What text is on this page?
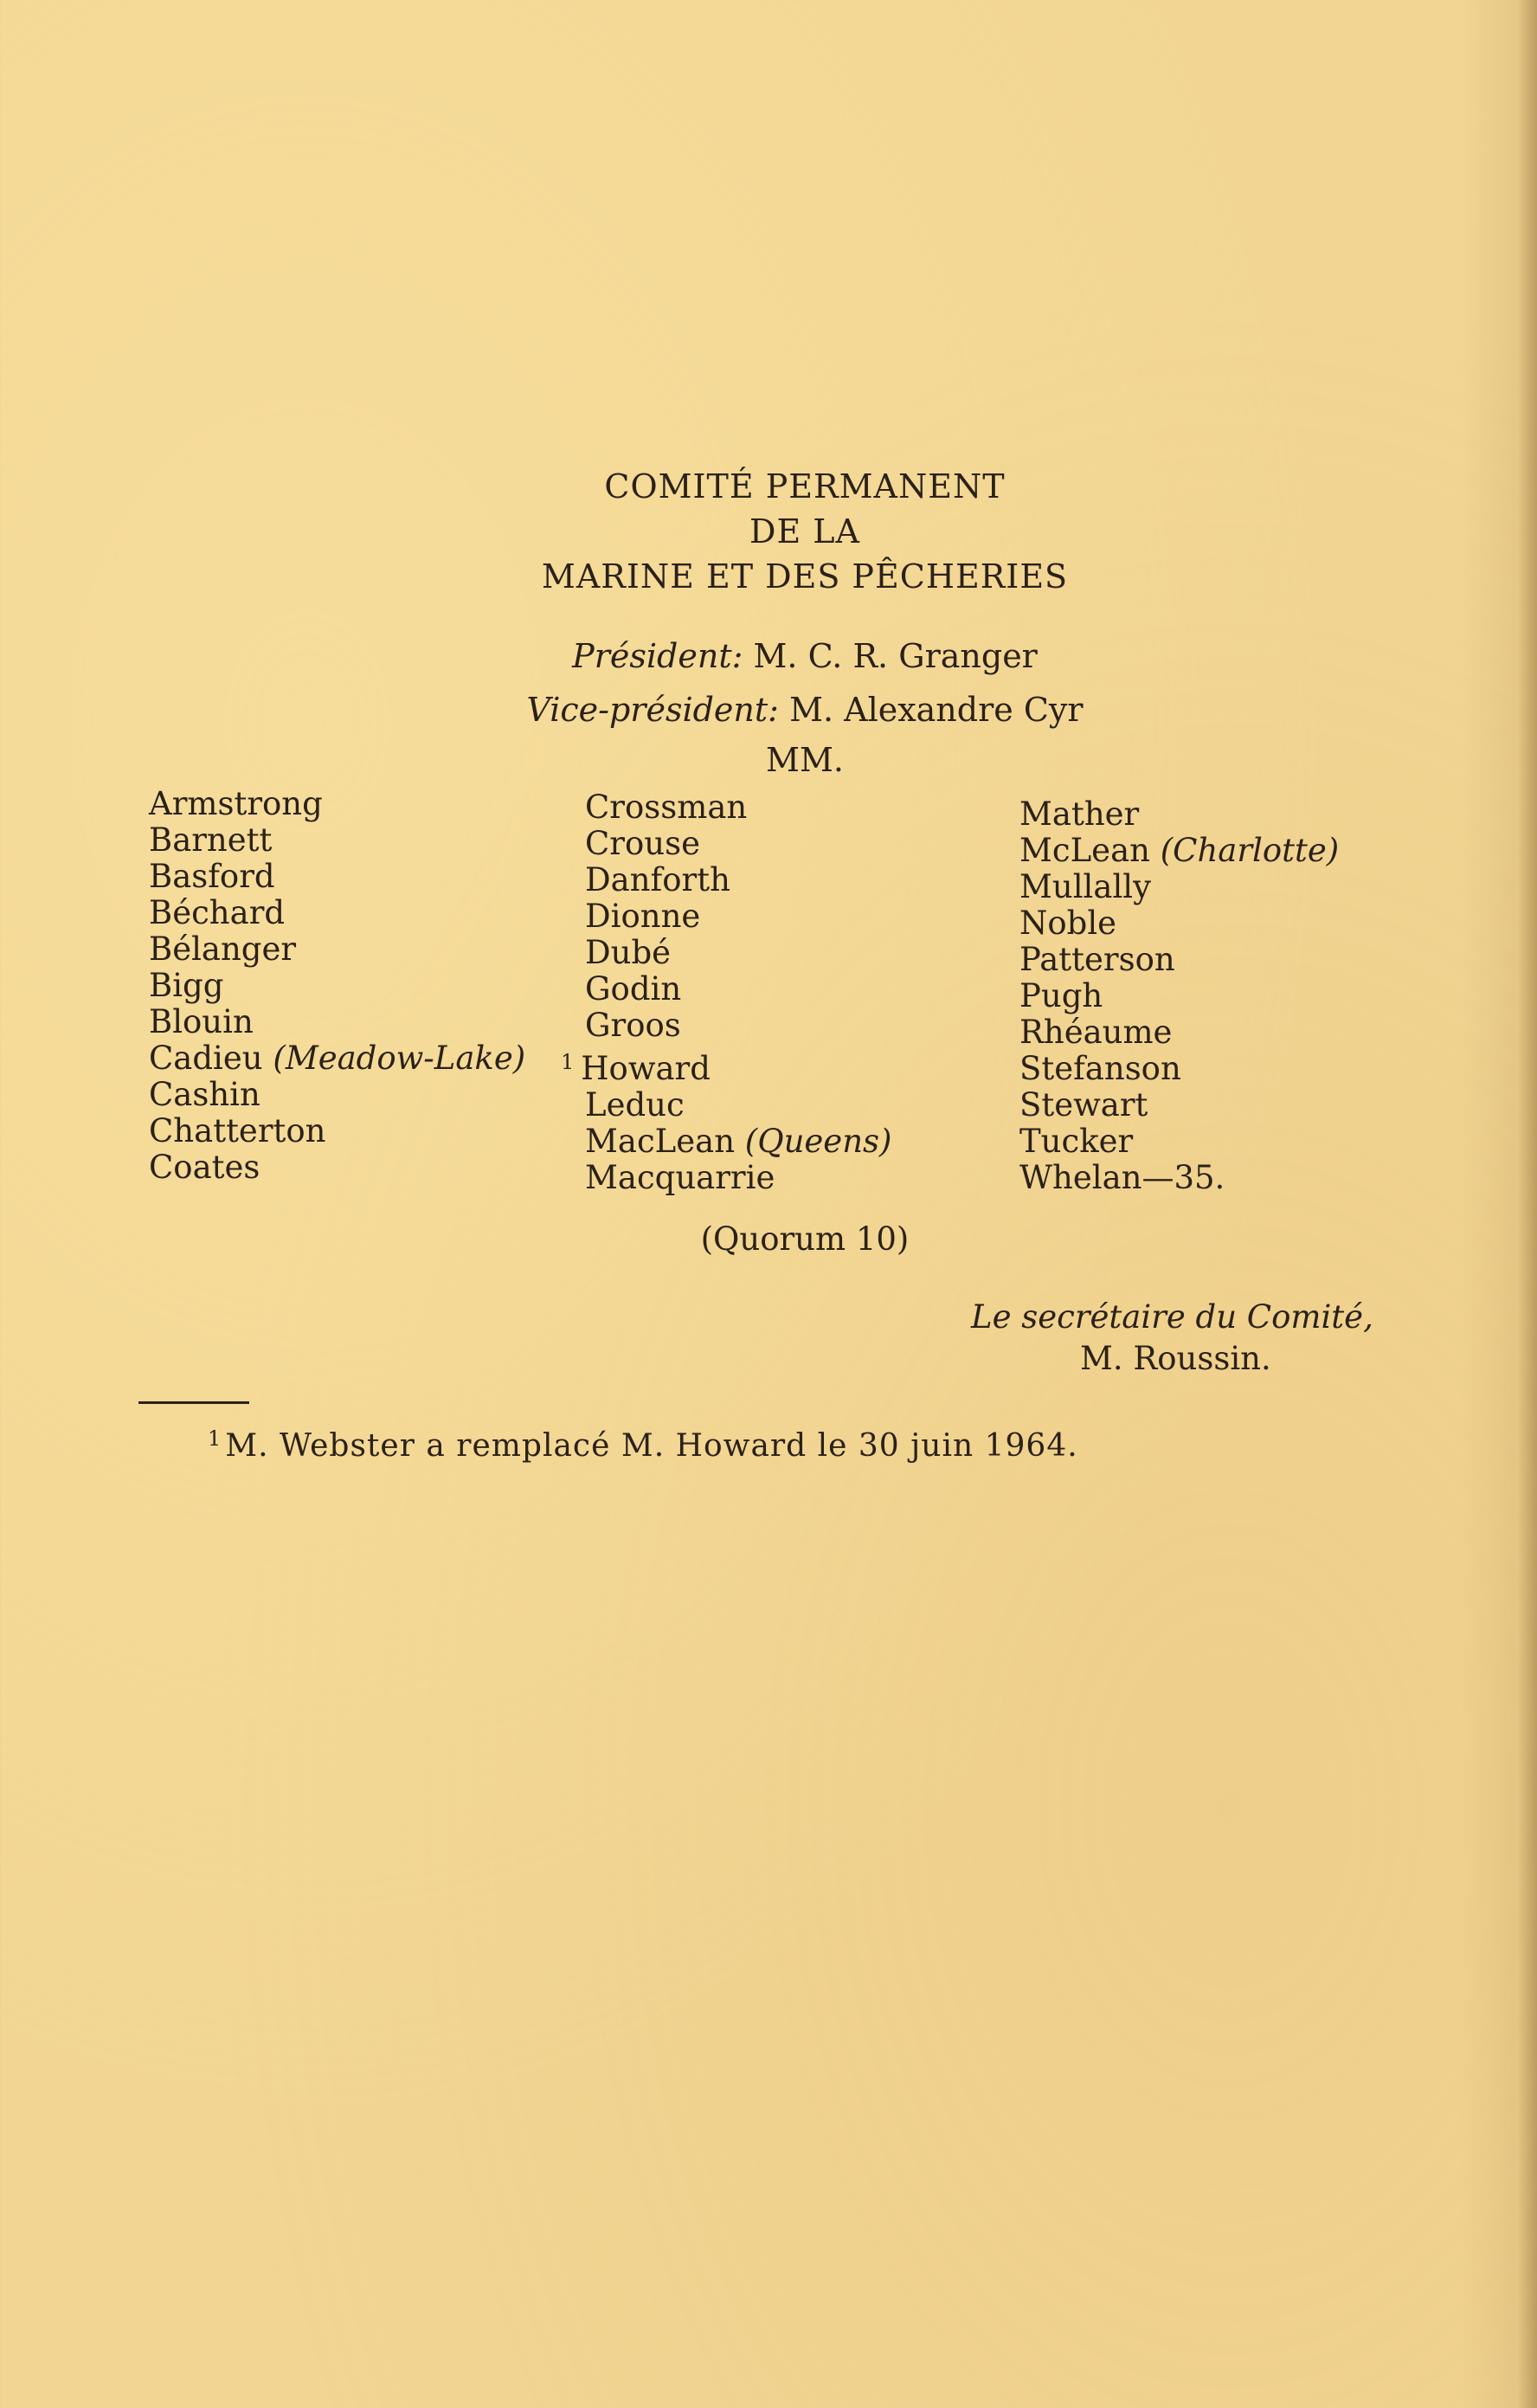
COMITÉ PERMANENT
DE LA
MARINE ET DES PÊCHERIES
Président: M. C. R. Granger
Vice-président: M. Alexandre Cyr
MM.
Armstrong
Barnett
Basford
Béchard
Bélanger
Bigg
Blouin
Cadieu (Meadow-Lake)
Cashin
Chatterton
Coates
Crossman
Crouse
Danforth
Dionne
Dubé
Godin
Groos
$^1$ Howard
Leduc
MacLean (Queens)
Macquarrie
Mather
McLean (Charlotte)
Mullally
Noble
Patterson
Pugh
Rhéaume
Stefanson
Stewart
Tucker
Whelan—35.
(Quorum 10)
Le secrétaire du Comité,
M. Roussin.
$^1$ M. Webster a remplacé M. Howard le 30 juin 1964.
